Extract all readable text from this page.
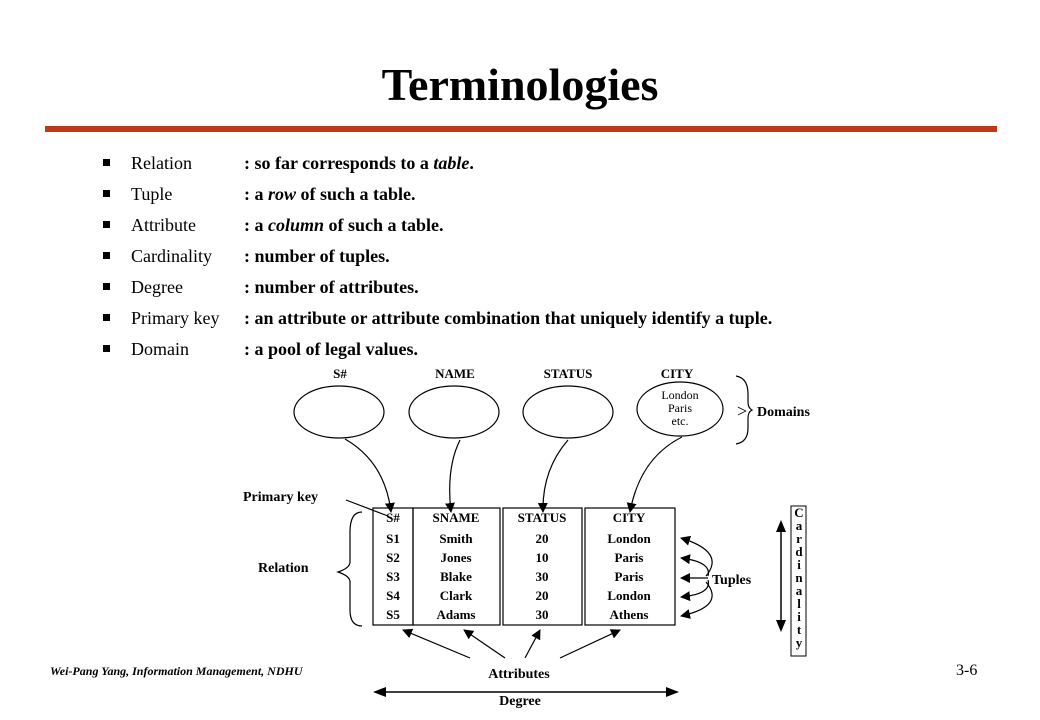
Terminologies
Relation	: so far corresponds to a table.
Tuple	: a row of such a table.
Attribute	: a column of such a table.
Cardinality : number of tuples.
Degree	: number of attributes.
Primary key : an attribute or attribute combination that uniquely identify a tuple.
Domain	: a pool of legal values.
S#	NAME	STATUS	CITY
London
Paris
etc.	> Domains
Primary key
Relation
S#	SNAME	STATUS	CITY
S1	Smith	20	London
S2	Jones	10	Paris
S3	Blake	30	Paris
S4	Clark	20	London
S5	Adams	30	Athens
Tuples
C
a
r
d
i
n
a
l
i
t
y
Attributes
Degree
Wei-Pang Yang, Information Management, NDHU	3-6
